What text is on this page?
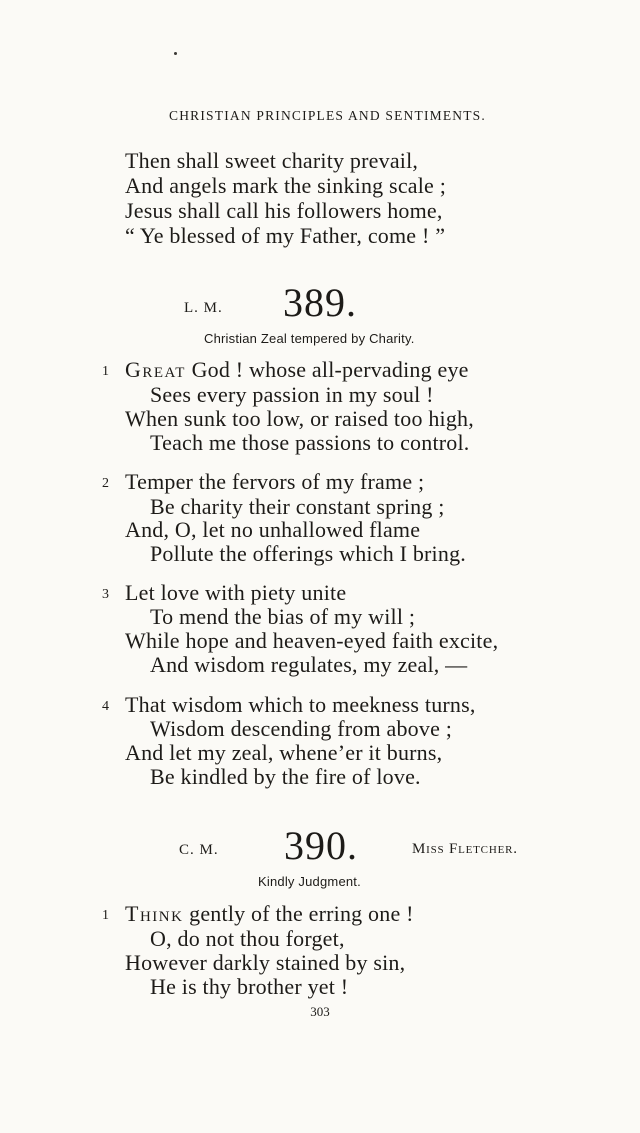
CHRISTIAN PRINCIPLES AND SENTIMENTS.
Then shall sweet charity prevail,
And angels mark the sinking scale ;
Jesus shall call his followers home,
“ Ye blessed of my Father, come ! ”
L. M. 389.
Christian Zeal tempered by Charity.
1 Great God ! whose all-pervading eye
Sees every passion in my soul !
When sunk too low, or raised too high,
Teach me those passions to control.
2 Temper the fervors of my frame ;
Be charity their constant spring ;
And, O, let no unhallowed flame
Pollute the offerings which I bring.
3 Let love with piety unite
To mend the bias of my will ;
While hope and heaven-eyed faith excite,
And wisdom regulates, my zeal, —
4 That wisdom which to meekness turns,
Wisdom descending from above ;
And let my zeal, whene’er it burns,
Be kindled by the fire of love.
C. M. 390.	Miss Fletcher.
Kindly Judgment.
1 Think gently of the erring one !
O, do not thou forget,
However darkly stained by sin,
He is thy brother yet !
303
